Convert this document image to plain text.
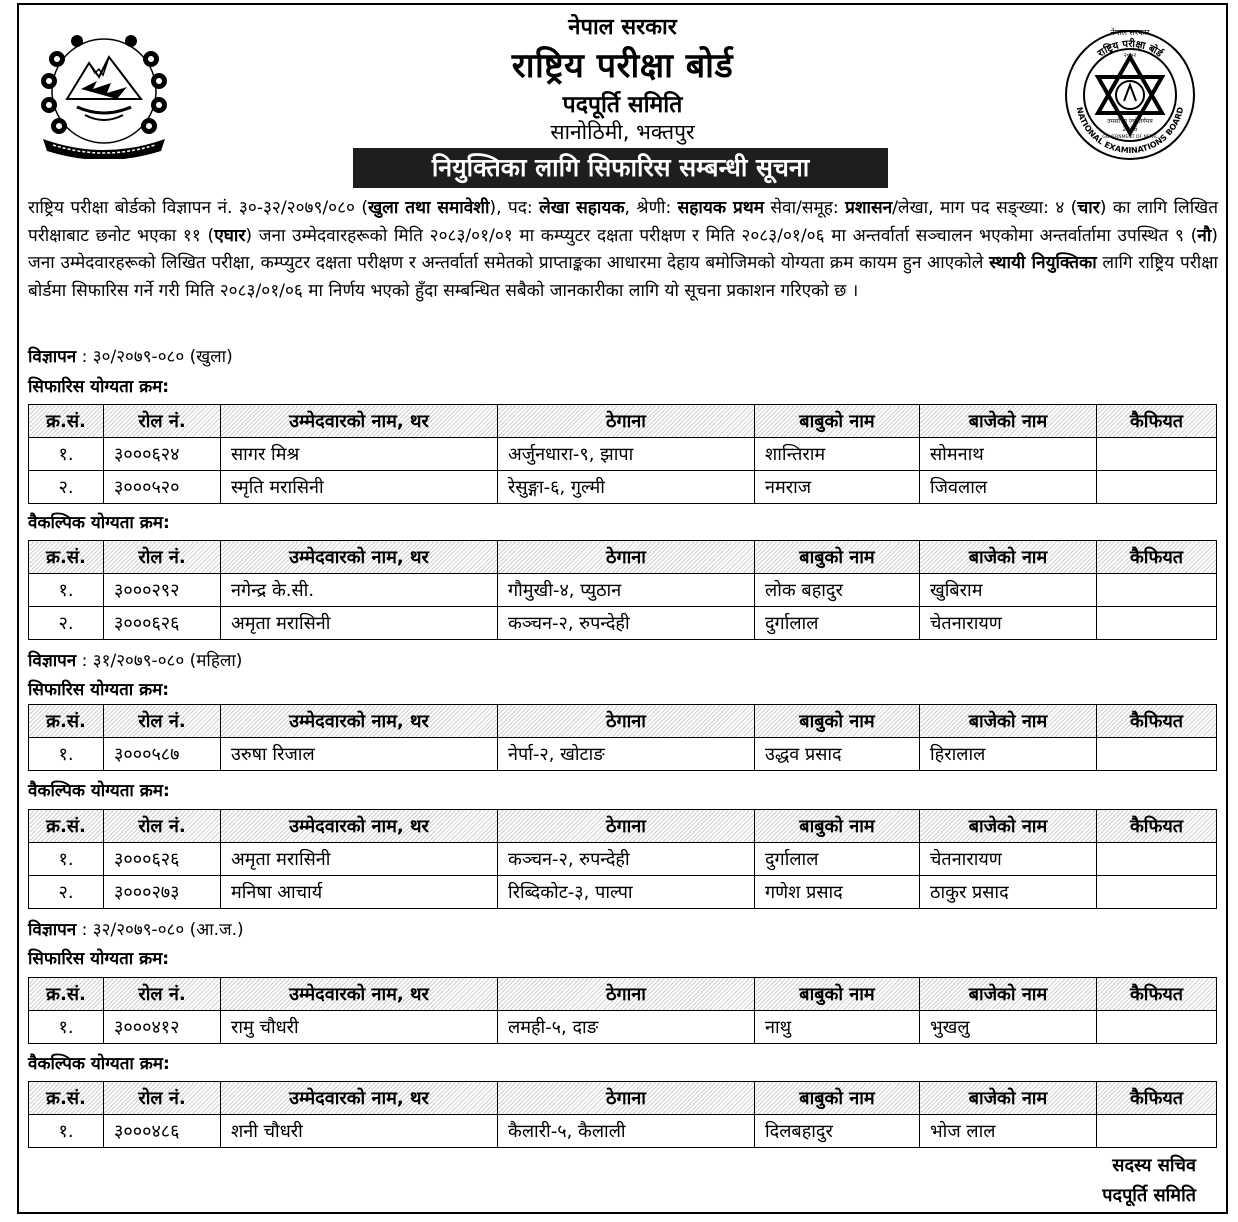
नेपाल सरकार
राष्ट्रिय परीक्षा बोर्ड
पदपूर्ति समिति
सानोठिमी, भक्तपुर
राष्ट्रिय परीक्षा बोर्ड
NATIONAL EXAMINATIONS BOARD
नेपाल सरकार
२०७२
तमसो मा ज्योतिर्गमय
2016
GOVERNMENT OF NEPAL
नियुक्तिका लागि सिफारिस सम्बन्धी सूचना
राष्ट्रिय परीक्षा बोर्डको विज्ञापन नं. ३०-३२/२०७९/०८० (खुला तथा समावेशी), पद: लेखा सहायक, श्रेणी: सहायक प्रथम सेवा/समूह: प्रशासन/लेखा, माग पद सङ्ख्या: ४ (चार) का लागि लिखित परीक्षाबाट छनोट भएका ११ (एघार) जना उम्मेदवारहरूको मिति २०८३/०१/०१ मा कम्प्युटर दक्षता परीक्षण र मिति २०८३/०१/०६ मा अन्तर्वार्ता सञ्चालन भएकोमा अन्तर्वार्तामा उपस्थित ९ (नौ) जना उम्मेदवारहरूको लिखित परीक्षा, कम्प्युटर दक्षता परीक्षण र अन्तर्वार्ता समेतको प्राप्ताङ्कका आधारमा देहाय बमोजिमको योग्यता क्रम कायम हुन आएकोले स्थायी नियुक्तिका लागि राष्ट्रिय परीक्षा बोर्डमा सिफारिस गर्ने गरी मिति २०८३/०१/०६ मा निर्णय भएको हुँदा सम्बन्धित सबैको जानकारीका लागि यो सूचना प्रकाशन गरिएको छ ।
विज्ञापन : ३०/२०७९-०८० (खुला)
सिफारिस योग्यता क्रम:
क्र.सं.	रोल नं.	उम्मेदवारको नाम, थर	ठेगाना	बाबुको नाम	बाजेको नाम	कैफियत
१.	३०००६२४	सागर मिश्र	अर्जुनधारा-९, झापा	शान्तिराम	सोमनाथ	
२.	३०००५२०	स्मृति मरासिनी	रेसुङ्गा-६, गुल्मी	नमराज	जिवलाल	
वैकल्पिक योग्यता क्रम:
क्र.सं.	रोल नं.	उम्मेदवारको नाम, थर	ठेगाना	बाबुको नाम	बाजेको नाम	कैफियत
१.	३०००२९२	नगेन्द्र के.सी.	गौमुखी-४, प्युठान	लोक बहादुर	खुबिराम	
२.	३०००६२६	अमृता मरासिनी	कञ्चन-२, रुपन्देही	दुर्गालाल	चेतनारायण	
विज्ञापन : ३१/२०७९-०८० (महिला)
सिफारिस योग्यता क्रम:
क्र.सं.	रोल नं.	उम्मेदवारको नाम, थर	ठेगाना	बाबुको नाम	बाजेको नाम	कैफियत
१.	३०००५८७	उरुषा रिजाल	नेर्पा-२, खोटाङ	उद्धव प्रसाद	हिरालाल	
वैकल्पिक योग्यता क्रम:
क्र.सं.	रोल नं.	उम्मेदवारको नाम, थर	ठेगाना	बाबुको नाम	बाजेको नाम	कैफियत
१.	३०००६२६	अमृता मरासिनी	कञ्चन-२, रुपन्देही	दुर्गालाल	चेतनारायण	
२.	३०००२७३	मनिषा आचार्य	रिब्दिकोट-३, पाल्पा	गणेश प्रसाद	ठाकुर प्रसाद	
विज्ञापन : ३२/२०७९-०८० (आ.ज.)
सिफारिस योग्यता क्रम:
क्र.सं.	रोल नं.	उम्मेदवारको नाम, थर	ठेगाना	बाबुको नाम	बाजेको नाम	कैफियत
१.	३०००४१२	रामु चौधरी	लमही-५, दाङ	नाथु	भुखलु	
वैकल्पिक योग्यता क्रम:
क्र.सं.	रोल नं.	उम्मेदवारको नाम, थर	ठेगाना	बाबुको नाम	बाजेको नाम	कैफियत
१.	३०००४८६	शनी चौधरी	कैलारी-५, कैलाली	दिलबहादुर	भोज लाल	
सदस्य सचिव
पदपूर्ति समिति
